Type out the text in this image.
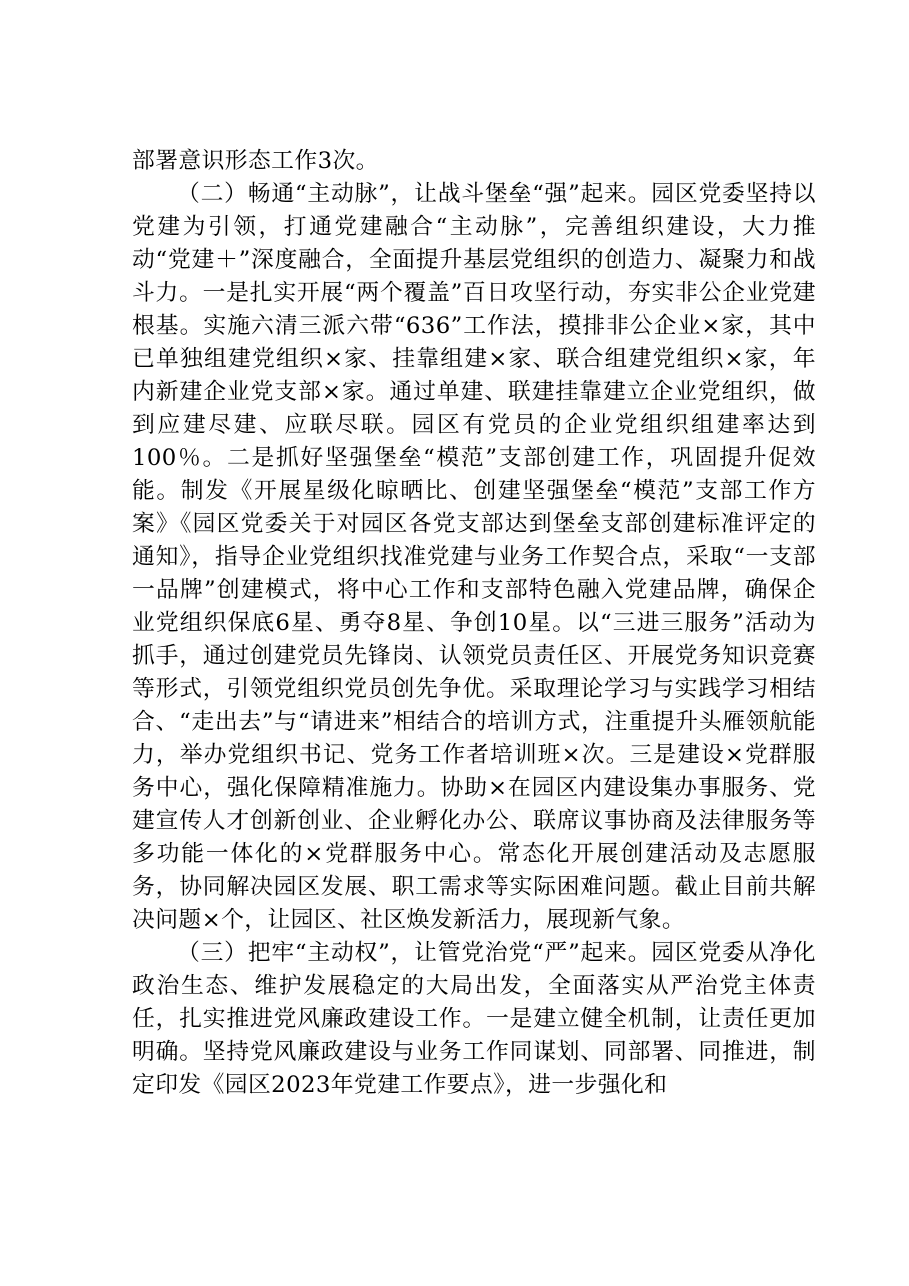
部署意识形态工作3次。

（二）畅通“主动脉”，让战斗堡垒“强”起来。园区党委坚持以党建为引领，打通党建融合“主动脉”，完善组织建设，大力推动“党建＋”深度融合，全面提升基层党组织的创造力、凝聚力和战斗力。一是扎实开展“两个覆盖”百日攻坚行动，夯实非公企业党建根基。实施六清三派六带“636”工作法，摸排非公企业×家，其中已单独组建党组织×家、挂靠组建×家、联合组建党组织×家，年内新建企业党支部×家。通过单建、联建挂靠建立企业党组织，做到应建尽建、应联尽联。园区有党员的企业党组织组建率达到100％。二是抓好坚强堡垒“模范”支部创建工作，巩固提升促效能。制发《开展星级化晾晒比、创建坚强堡垒“模范”支部工作方案》《园区党委关于对园区各党支部达到堡垒支部创建标准评定的通知》，指导企业党组织找准党建与业务工作契合点，采取“一支部一品牌”创建模式，将中心工作和支部特色融入党建品牌，确保企业党组织保底6星、勇夺8星、争创10星。以“三进三服务”活动为抓手，通过创建党员先锋岗、认领党员责任区、开展党务知识竞赛等形式，引领党组织党员创先争优。采取理论学习与实践学习相结合、“走出去”与“请进来”相结合的培训方式，注重提升头雁领航能力，举办党组织书记、党务工作者培训班×次。三是建设×党群服务中心，强化保障精准施力。协助×在园区内建设集办事服务、党建宣传人才创新创业、企业孵化办公、联席议事协商及法律服务等多功能一体化的×党群服务中心。常态化开展创建活动及志愿服务，协同解决园区发展、职工需求等实际困难问题。截止目前共解决问题×个，让园区、社区焕发新活力，展现新气象。

（三）把牢“主动权”，让管党治党“严”起来。园区党委从净化政治生态、维护发展稳定的大局出发，全面落实从严治党主体责任，扎实推进党风廉政建设工作。一是建立健全机制，让责任更加明确。坚持党风廉政建设与业务工作同谋划、同部署、同推进，制定印发《园区2023年党建工作要点》，进一步强化和
